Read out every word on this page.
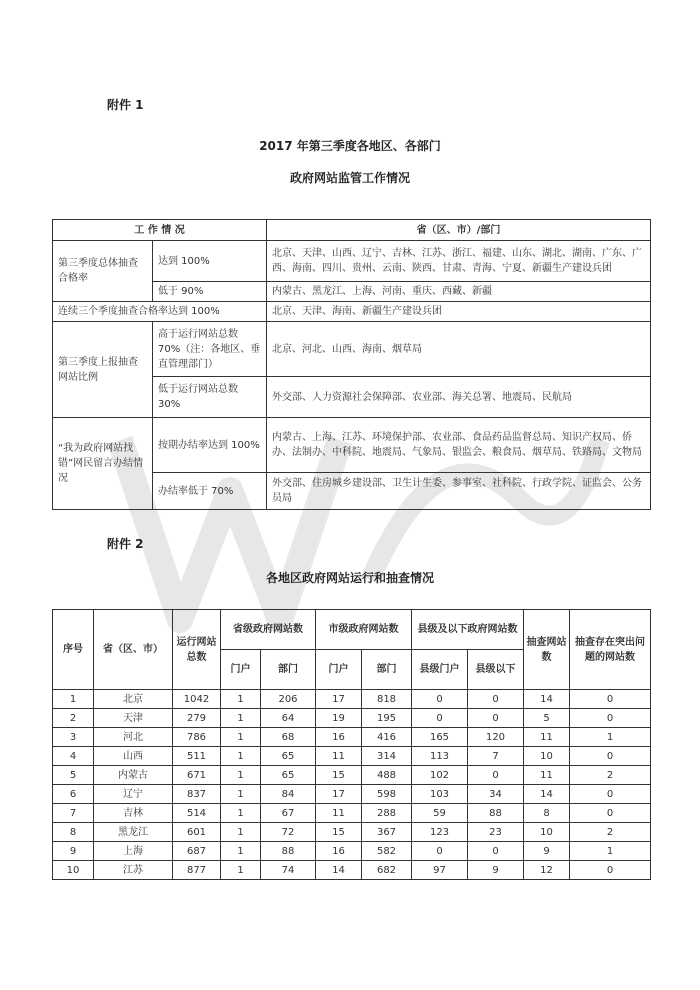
附件 1
2017 年第三季度各地区、各部门
政府网站监管工作情况
工 作 情 况		省（区、市）/部门
第三季度总体抽查合格率	达到 100%	北京、天津、山西、辽宁、吉林、江苏、浙江、福建、山东、湖北、湖南、广东、广西、海南、四川、贵州、云南、陕西、甘肃、青海、宁夏、新疆生产建设兵团
	低于 90%	内蒙古、黑龙江、上海、河南、重庆、西藏、新疆
连续三个季度抽查合格率达到 100%		北京、天津、海南、新疆生产建设兵团
第三季度上报抽查网站比例	高于运行网站总数 70%（注：各地区、垂直管理部门）	北京、河北、山西、海南、烟草局
	低于运行网站总数 30%	外交部、人力资源社会保障部、农业部、海关总署、地震局、民航局
“我为政府网站找错”网民留言办结情况	按期办结率达到 100%	内蒙古、上海、江苏、环境保护部、农业部、食品药品监督总局、知识产权局、侨办、法制办、中科院、地震局、气象局、银监会、粮食局、烟草局、铁路局、文物局
	办结率低于 70%	外交部、住房城乡建设部、卫生计生委、参事室、社科院、行政学院、证监会、公务员局
附件 2
各地区政府网站运行和抽查情况
序号	省（区、市）	运行网站总数	省级政府网站数		市级政府网站数		县级及以下政府网站数		抽查网站数	抽查存在突出问题的网站数
			门户	部门	门户	部门	县级门户	县级以下		
1	北京	1042	1	206	17	818	0	0	14	0
2	天津	279	1	64	19	195	0	0	5	0
3	河北	786	1	68	16	416	165	120	11	1
4	山西	511	1	65	11	314	113	7	10	0
5	内蒙古	671	1	65	15	488	102	0	11	2
6	辽宁	837	1	84	17	598	103	34	14	0
7	吉林	514	1	67	11	288	59	88	8	0
8	黑龙江	601	1	72	15	367	123	23	10	2
9	上海	687	1	88	16	582	0	0	9	1
10	江苏	877	1	74	14	682	97	9	12	0
